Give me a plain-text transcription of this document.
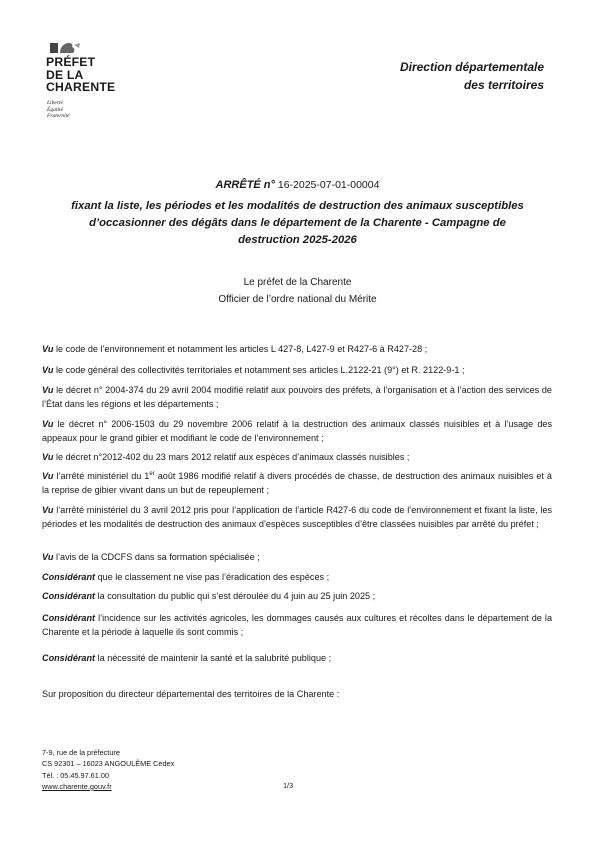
PRÉFET
DE LA
CHARENTE
Liberté
Égalité
Fraternité
Direction départementale
des territoires
ARRÊTÉ n° 16-2025-07-01-00004
fixant la liste, les périodes et les modalités de destruction des animaux susceptibles
d’occasionner des dégâts dans le département de la Charente - Campagne de
destruction 2025-2026
Le préfet de la Charente
Officier de l’ordre national du Mérite

Vu le code de l’environnement et notamment les articles L 427-8, L427-9 et R427-6 à R427-28 ;

Vu le code général des collectivités territoriales et notamment ses articles L.2122-21 (9°) et R. 2122-9-1 ;

Vu le décret n° 2004-374 du 29 avril 2004 modifié relatif aux pouvoirs des préfets, à l’organisation et à l’action des services de l’État dans les régions et les départements ;

Vu le décret n° 2006-1503 du 29 novembre 2006 relatif à la destruction des animaux classés nuisibles et à l’usage des appeaux pour le grand gibier et modifiant le code de l’environnement ;

Vu le décret n°2012-402 du 23 mars 2012 relatif aux espèces d’animaux classés nuisibles ;

Vu l’arrêté ministériel du 1er août 1986 modifié relatif à divers procédés de chasse, de destruction des animaux nuisibles et à la reprise de gibier vivant dans un but de repeuplement ;

Vu l’arrêté ministériel du 3 avril 2012 pris pour l’application de l’article R427-6 du code de l’environnement et fixant la liste, les périodes et les modalités de destruction des animaux d’espèces susceptibles d’être classées nuisibles par arrêté du préfet ;

Vu l’avis de la CDCFS dans sa formation spécialisée ;

Considérant que le classement ne vise pas l’éradication des espèces ;

Considérant la consultation du public qui s’est déroulée du 4 juin au 25 juin 2025 ;

Considérant l’incidence sur les activités agricoles, les dommages causés aux cultures et récoltes dans le département de la Charente et la période à laquelle ils sont commis ;

Considérant la nécessité de maintenir la santé et la salubrité publique ;

Sur proposition du directeur départemental des territoires de la Charente :

7-9, rue de la préfecture
CS 92301 – 16023 ANGOULÊME Cedex
Tél. : 05.45.97.61.00
www.charente.gouv.fr	1/3
